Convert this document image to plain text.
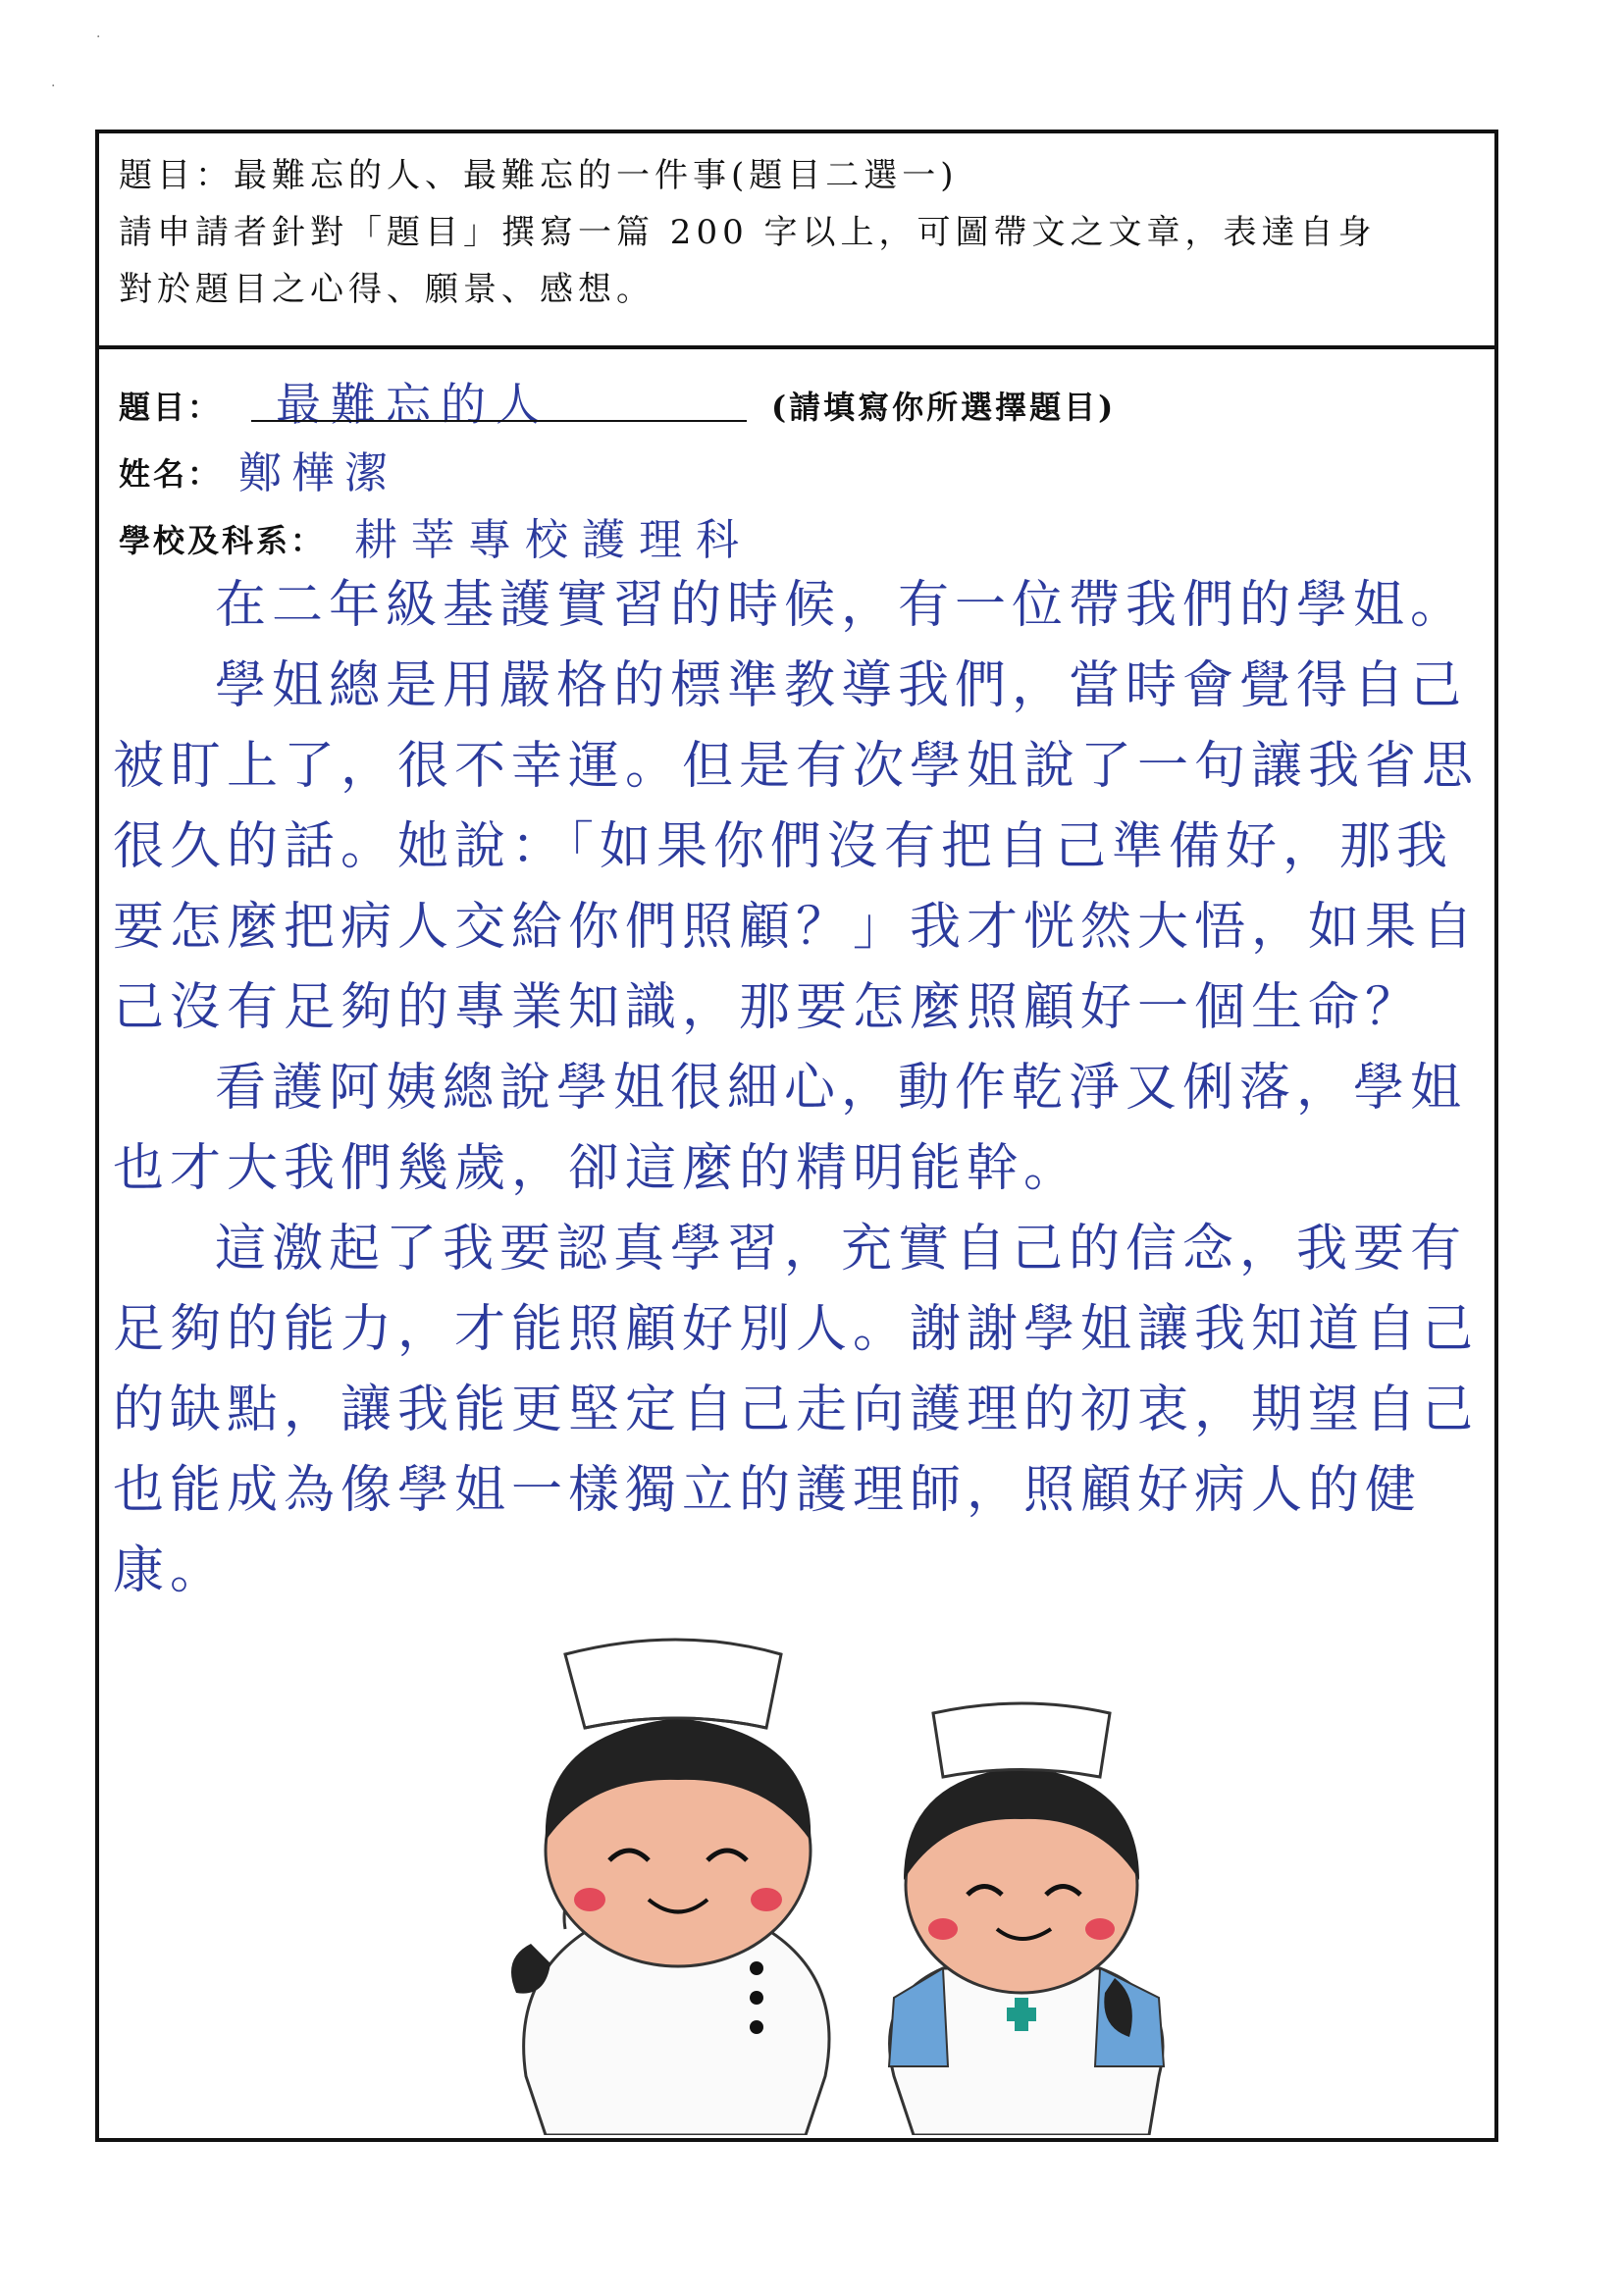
·
·
題目：最難忘的人、最難忘的一件事(題目二選一)
請申請者針對「題目」撰寫一篇 200 字以上，可圖帶文之文章，表達自身
對於題目之心得、願景、感想。
題目： 最難忘的人	(請填寫你所選擇題目)
姓名： 鄭樺潔
學校及科系： 耕莘專校護理科

在二年級基護實習的時候，有一位帶我們的學姐。

學姐總是用嚴格的標準教導我們，當時會覺得自己被盯上了，很不幸運。但是有次學姐說了一句讓我省思很久的話。她說：「如果你們沒有把自己準備好，那我要怎麼把病人交給你們照顧？」我才恍然大悟，如果自己沒有足夠的專業知識，那要怎麼照顧好一個生命？

看護阿姨總說學姐很細心，動作乾淨又俐落，學姐也才大我們幾歲，卻這麼的精明能幹。

這激起了我要認真學習，充實自己的信念，我要有足夠的能力，才能照顧好別人。謝謝學姐讓我知道自己的缺點，讓我能更堅定自己走向護理的初衷，期望自己也能成為像學姐一樣獨立的護理師，照顧好病人的健康。
